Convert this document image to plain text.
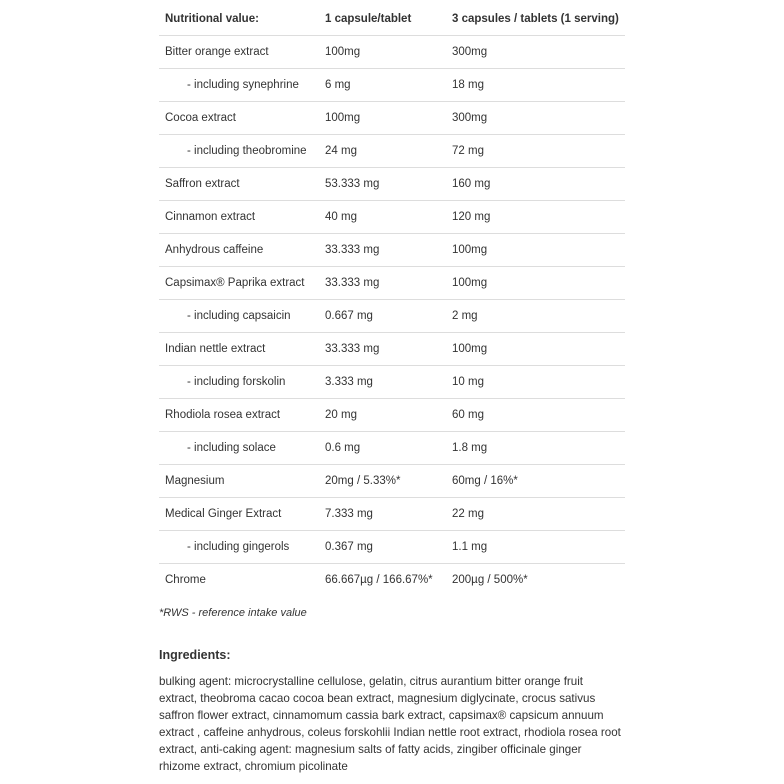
Nutritional value:	1 capsule/tablet	3 capsules / tablets (1 serving)
Bitter orange extract	100mg	300mg
- including synephrine	6 mg	18 mg
Cocoa extract	100mg	300mg
- including theobromine	24 mg	72 mg
Saffron extract	53.333 mg	160 mg
Cinnamon extract	40 mg	120 mg
Anhydrous caffeine	33.333 mg	100mg
Capsimax® Paprika extract	33.333 mg	100mg
- including capsaicin	0.667 mg	2 mg
Indian nettle extract	33.333 mg	100mg
- including forskolin	3.333 mg	10 mg
Rhodiola rosea extract	20 mg	60 mg
- including solace	0.6 mg	1.8 mg
Magnesium	20mg / 5.33%*	60mg / 16%*
Medical Ginger Extract	7.333 mg	22 mg
- including gingerols	0.367 mg	1.1 mg
Chrome	66.667µg / 166.67%*	200µg / 500%*
*RWS - reference intake value
Ingredients:
bulking agent: microcrystalline cellulose, gelatin, citrus aurantium bitter orange fruit extract, theobroma cacao cocoa bean extract, magnesium diglycinate, crocus sativus saffron flower extract, cinnamomum cassia bark extract, capsimax® capsicum annuum extract , caffeine anhydrous, coleus forskohlii Indian nettle root extract, rhodiola rosea root extract, anti-caking agent: magnesium salts of fatty acids, zingiber officinale ginger rhizome extract, chromium picolinate
